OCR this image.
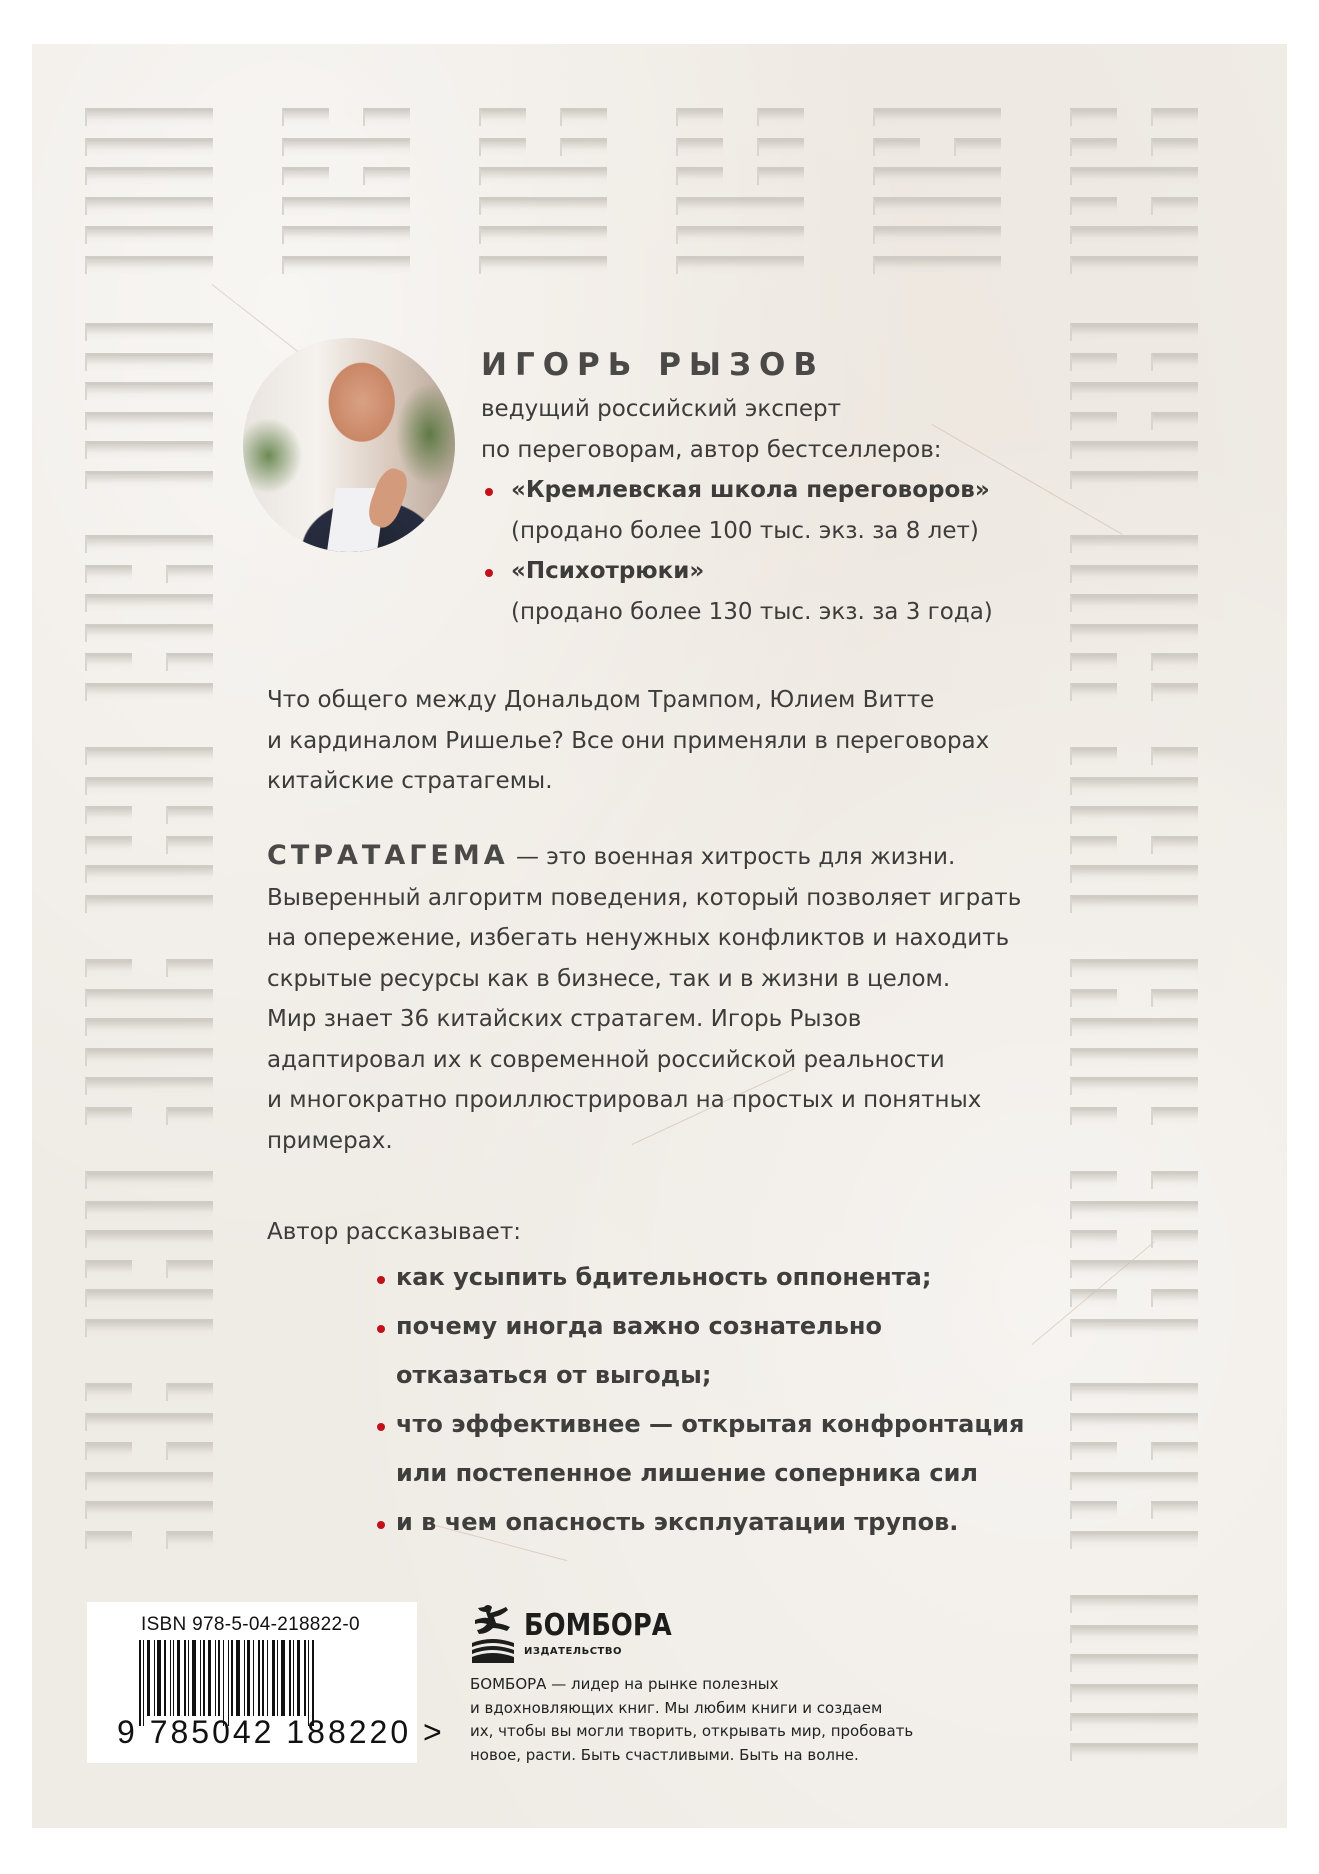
ИГОРЬ РЫЗОВ
ведущий российский эксперт
по переговорам, автор бестселлеров:
«Кремлевская школа переговоров»
(продано более 100 тыс. экз. за 8 лет)
«Психотрюки»
(продано более 130 тыс. экз. за 3 года)
Что общего между Дональдом Трампом, Юлием Витте
и кардиналом Ришелье? Все они применяли в переговорах
китайские стратагемы.
СТРАТАГЕМА — это военная хитрость для жизни.
Выверенный алгоритм поведения, который позволяет играть
на опережение, избегать ненужных конфликтов и находить
скрытые ресурсы как в бизнесе, так и в жизни в целом.
Мир знает 36 китайских стратагем. Игорь Рызов
адаптировал их к современной российской реальности
и многократно проиллюстрировал на простых и понятных
примерах.
Автор рассказывает:
как усыпить бдительность оппонента;
почему иногда важно сознательно
отказаться от выгоды;
что эффективнее — открытая конфронтация
или постепенное лишение соперника сил
и в чем опасность эксплуатации трупов.
ISBN 978-5-04-218822-0
9 785042 188220 >
БОМБОРА
ИЗДАТЕЛЬСТВО
БОМБОРА — лидер на рынке полезных
и вдохновляющих книг. Мы любим книги и создаем
их, чтобы вы могли творить, открывать мир, пробовать
новое, расти. Быть счастливыми. Быть на волне.
